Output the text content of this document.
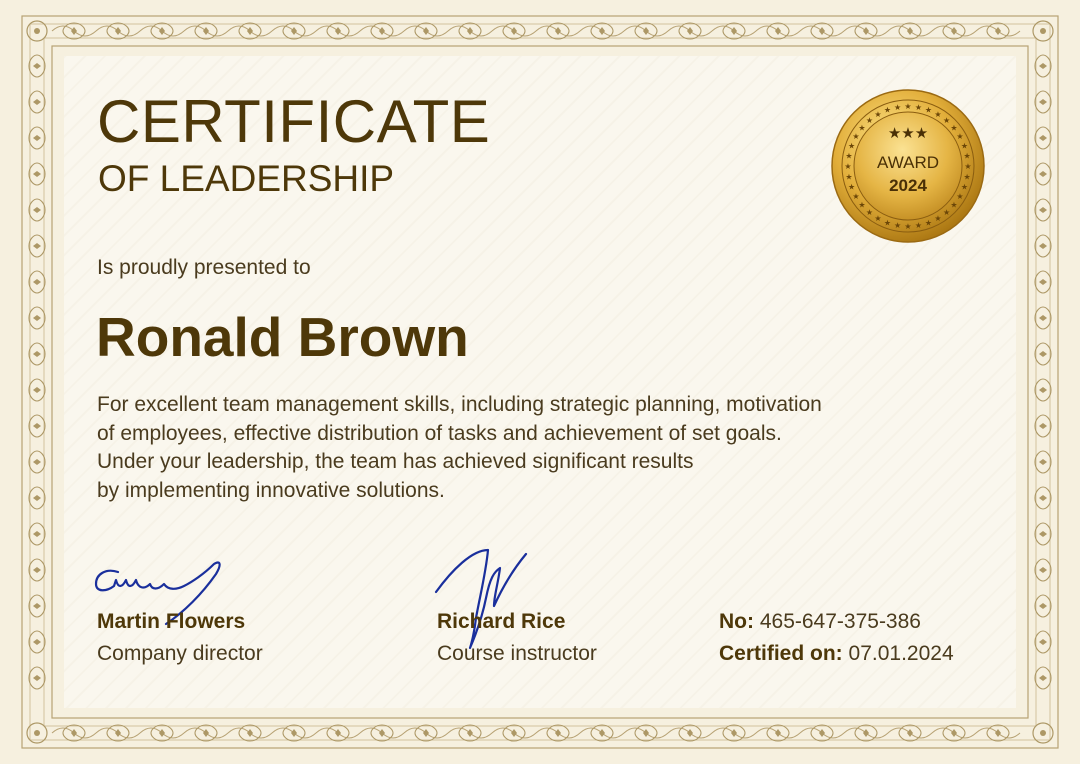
CERTIFICATE
OF LEADERSHIP
Is proudly presented to
Ronald Brown
For excellent team management skills, including strategic planning, motivation
of employees, effective distribution of tasks and achievement of set goals.
Under your leadership, the team has achieved significant results
by implementing innovative solutions.
★
★
★
★
★
★
★
★
★
★
★
★
★
★
★
★
★
★
★
★
★
★
★
★
★ ★ ★ ★ ★ ★ ★
★
★
★
★
★
★★★
AWARD
2024
Martin Flowers
Company director
Richard Rice
Course instructor
No: 465-647-375-386
Certified on: 07.01.2024
